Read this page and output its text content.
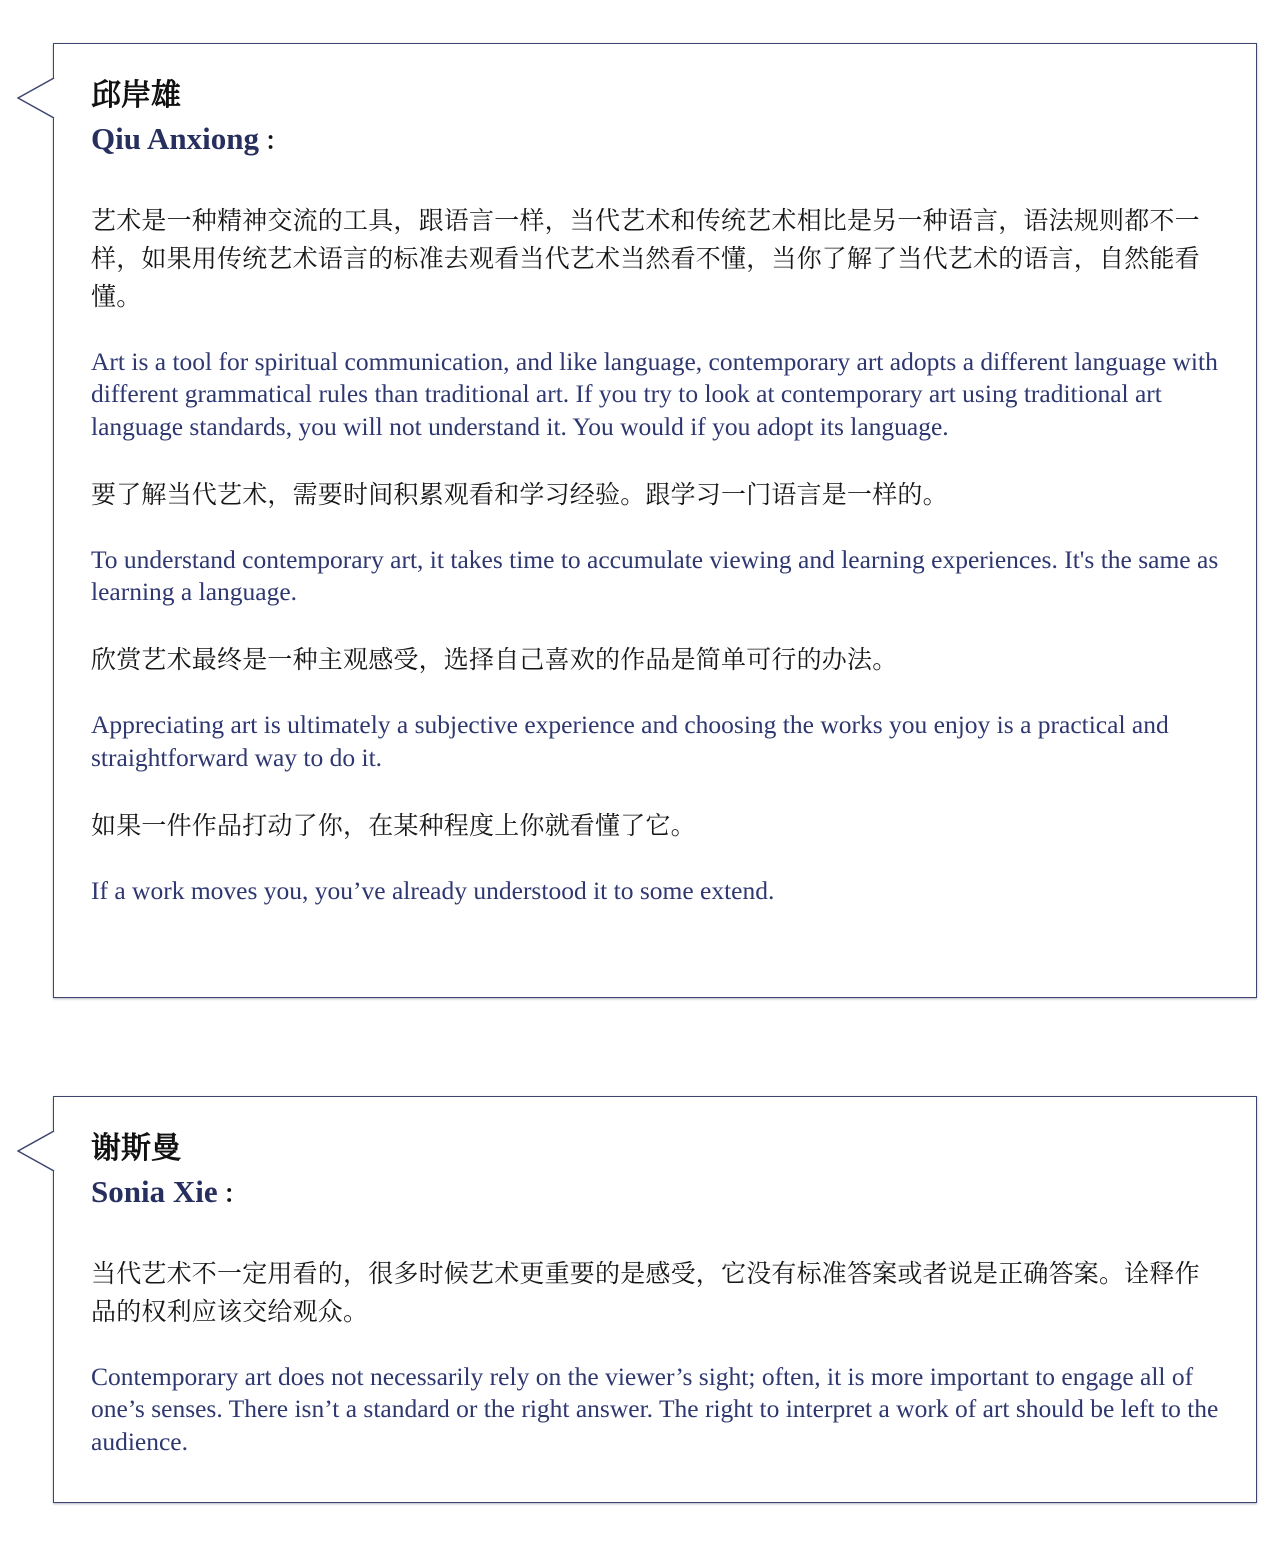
邱岸雄
Qiu Anxiong ：

艺术是一种精神交流的工具，跟语言一样，当代艺术和传统艺术相比是另一种语言，语法规则都不一样，如果用传统艺术语言的标准去观看当代艺术当然看不懂，当你了解了当代艺术的语言，自然能看懂。

Art is a tool for spiritual communication, and like language, contemporary art adopts a different language with different grammatical rules than traditional art. If you try to look at contemporary art using traditional art language standards, you will not understand it. You would if you adopt its language.

要了解当代艺术，需要时间积累观看和学习经验。跟学习一门语言是一样的。

To understand contemporary art, it takes time to accumulate viewing and learning experiences. It's the same as learning a language.

欣赏艺术最终是一种主观感受，选择自己喜欢的作品是简单可行的办法。

Appreciating art is ultimately a subjective experience and choosing the works you enjoy is a practical and straightforward way to do it.

如果一件作品打动了你，在某种程度上你就看懂了它。

If a work moves you, you’ve already understood it to some extend.

谢斯曼
Sonia Xie ：

当代艺术不一定用看的，很多时候艺术更重要的是感受，它没有标准答案或者说是正确答案。诠释作品的权利应该交给观众。

Contemporary art does not necessarily rely on the viewer’s sight; often, it is more important to engage all of one’s senses. There isn’t a standard or the right answer. The right to interpret a work of art should be left to the audience.
